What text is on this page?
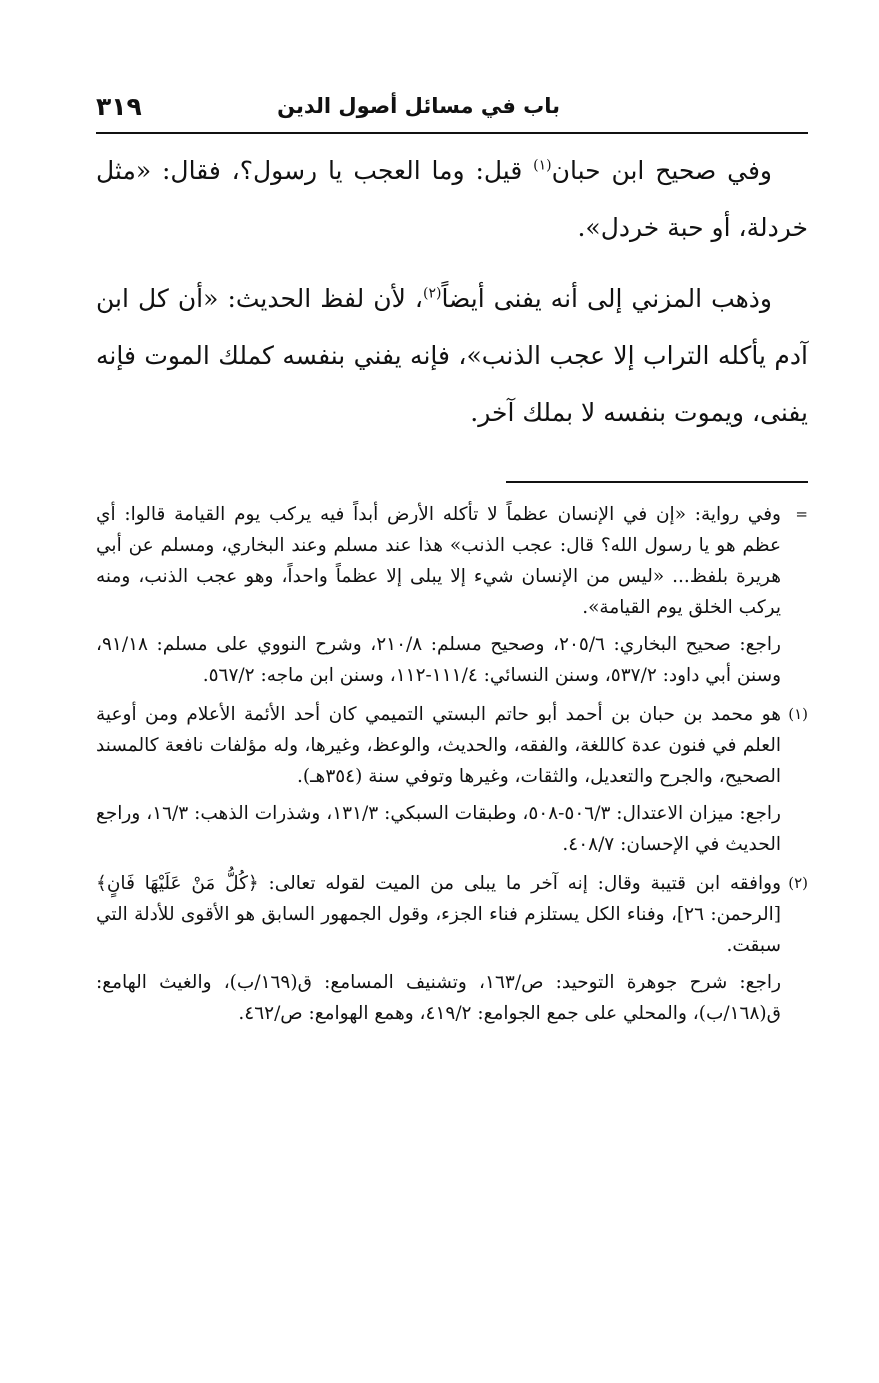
باب في مسائل أصول الدين
٣١٩

وفي صحيح ابن حبان$^{(١)}$ قيل: وما العجب يا رسول؟، فقال: «مثل خردلة، أو حبة خردل».

وذهب المزني إلى أنه يفنى أيضاً$^{(٢)}$، لأن لفظ الحديث: «أن كل ابن آدم يأكله التراب إلا عجب الذنب»، فإنه يفني بنفسه كملك الموت فإنه يفنى، ويموت بنفسه لا بملك آخر.

=

وفي رواية: «إن في الإنسان عظماً لا تأكله الأرض أبداً فيه يركب يوم القيامة قالوا: أي عظم هو يا رسول الله؟ قال: عجب الذنب» هذا عند مسلم وعند البخاري، ومسلم عن أبي هريرة بلفظ... «ليس من الإنسان شيء إلا يبلى إلا عظماً واحداً، وهو عجب الذنب، ومنه يركب الخلق يوم القيامة».

راجع: صحيح البخاري: ٢٠٥/٦، وصحيح مسلم: ٢١٠/٨، وشرح النووي على مسلم: ٩١/١٨، وسنن أبي داود: ٥٣٧/٢، وسنن النسائي: ١١١/٤-١١٢، وسنن ابن ماجه: ٥٦٧/٢.

(١)

هو محمد بن حبان بن أحمد أبو حاتم البستي التميمي كان أحد الأئمة الأعلام ومن أوعية العلم في فنون عدة كاللغة، والفقه، والحديث، والوعظ، وغيرها، وله مؤلفات نافعة كالمسند الصحيح، والجرح والتعديل، والثقات، وغيرها وتوفي سنة (٣٥٤هـ).

راجع: ميزان الاعتدال: ٥٠٦/٣-٥٠٨، وطبقات السبكي: ١٣١/٣، وشذرات الذهب: ١٦/٣، وراجع الحديث في الإحسان: ٤٠٨/٧.

(٢)

ووافقه ابن قتيبة وقال: إنه آخر ما يبلى من الميت لقوله تعالى: ﴿كُلُّ مَنْ عَلَيْهَا فَانٍ﴾ [الرحمن: ٢٦]، وفناء الكل يستلزم فناء الجزء، وقول الجمهور السابق هو الأقوى للأدلة التي سبقت.

راجع: شرح جوهرة التوحيد: ص/١٦٣، وتشنيف المسامع: ق(١٦٩/ب)، والغيث الهامع: ق(١٦٨/ب)، والمحلي على جمع الجوامع: ٤١٩/٢، وهمع الهوامع: ص/٤٦٢.
